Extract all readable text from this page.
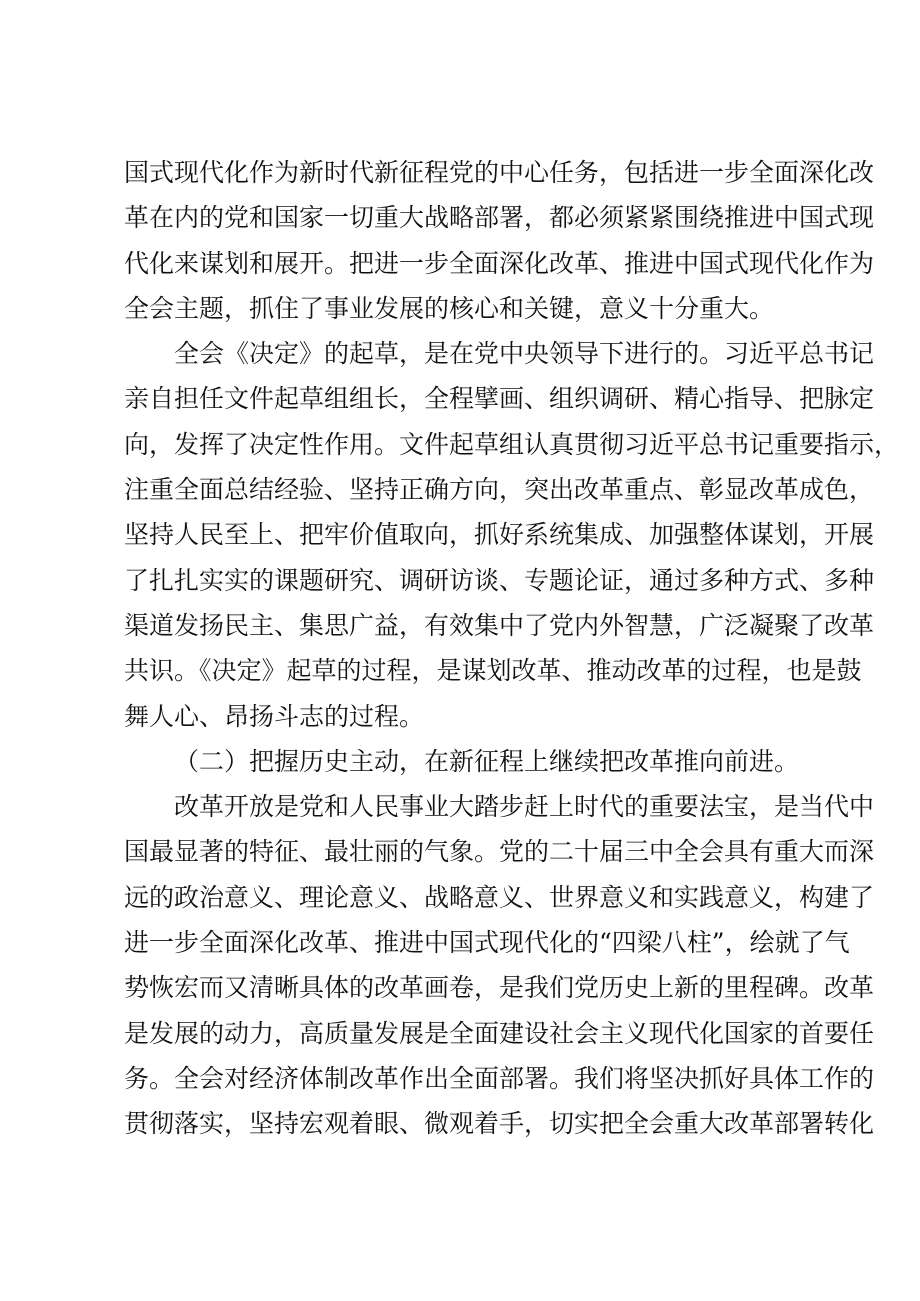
国式现代化作为新时代新征程党的中心任务，包括进一步全面深化改
革在内的党和国家一切重大战略部署，都必须紧紧围绕推进中国式现
代化来谋划和展开。把进一步全面深化改革、推进中国式现代化作为
全会主题，抓住了事业发展的核心和关键，意义十分重大。
全会《决定》的起草，是在党中央领导下进行的。习近平总书记
亲自担任文件起草组组长，全程擘画、组织调研、精心指导、把脉定
向，发挥了决定性作用。文件起草组认真贯彻习近平总书记重要指示，
注重全面总结经验、坚持正确方向，突出改革重点、彰显改革成色，
坚持人民至上、把牢价值取向，抓好系统集成、加强整体谋划，开展
了扎扎实实的课题研究、调研访谈、专题论证，通过多种方式、多种
渠道发扬民主、集思广益，有效集中了党内外智慧，广泛凝聚了改革
共识。《决定》起草的过程，是谋划改革、推动改革的过程，也是鼓
舞人心、昂扬斗志的过程。
（二）把握历史主动，在新征程上继续把改革推向前进。
改革开放是党和人民事业大踏步赶上时代的重要法宝，是当代中
国最显著的特征、最壮丽的气象。党的二十届三中全会具有重大而深
远的政治意义、理论意义、战略意义、世界意义和实践意义，构建了
进一步全面深化改革、推进中国式现代化的“四梁八柱”，绘就了气
势恢宏而又清晰具体的改革画卷，是我们党历史上新的里程碑。改革
是发展的动力，高质量发展是全面建设社会主义现代化国家的首要任
务。全会对经济体制改革作出全面部署。我们将坚决抓好具体工作的
贯彻落实，坚持宏观着眼、微观着手，切实把全会重大改革部署转化
